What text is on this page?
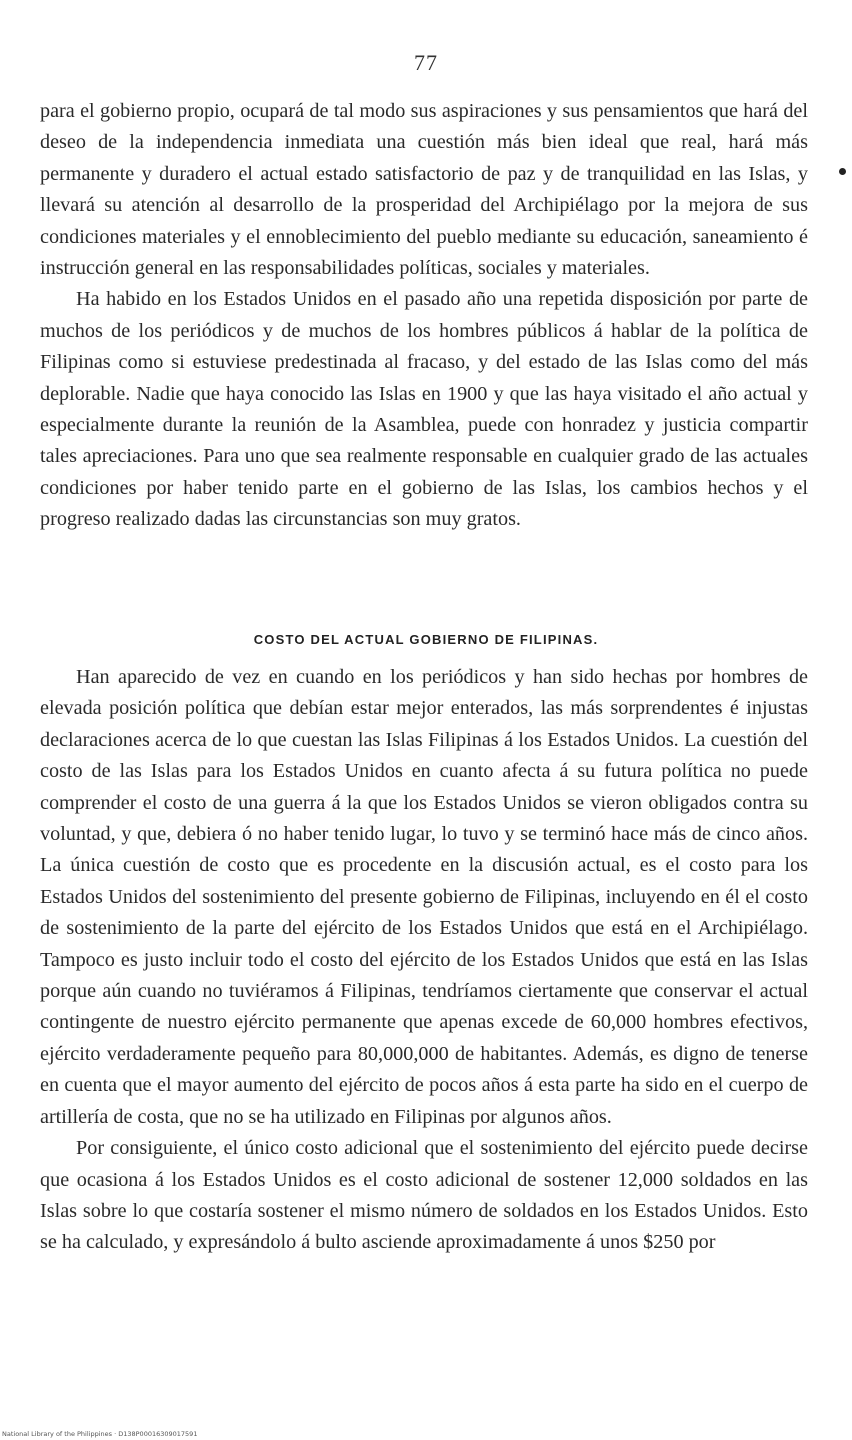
77

para el gobierno propio, ocupará de tal modo sus aspiraciones y sus pensamientos que hará del deseo de la independencia inmediata una cuestión más bien ideal que real, hará más permanente y duradero el actual estado satisfactorio de paz y de tranquilidad en las Islas, y llevará su atención al desarrollo de la prosperidad del Archipiélago por la mejora de sus condiciones materiales y el ennoblecimiento del pueblo mediante su educación, saneamiento é instrucción general en las responsabilidades políticas, sociales y materiales.

Ha habido en los Estados Unidos en el pasado año una repetida disposición por parte de muchos de los periódicos y de muchos de los hombres públicos á hablar de la política de Filipinas como si estuviese predestinada al fracaso, y del estado de las Islas como del más deplorable. Nadie que haya conocido las Islas en 1900 y que las haya visitado el año actual y especialmente durante la reunión de la Asamblea, puede con honradez y justicia compartir tales apreciaciones. Para uno que sea realmente responsable en cualquier grado de las actuales condiciones por haber tenido parte en el gobierno de las Islas, los cambios hechos y el progreso realizado dadas las circunstancias son muy gratos.

COSTO DEL ACTUAL GOBIERNO DE FILIPINAS.

Han aparecido de vez en cuando en los periódicos y han sido hechas por hombres de elevada posición política que debían estar mejor enterados, las más sorprendentes é injustas declaraciones acerca de lo que cuestan las Islas Filipinas á los Estados Unidos. La cuestión del costo de las Islas para los Estados Unidos en cuanto afecta á su futura política no puede comprender el costo de una guerra á la que los Estados Unidos se vieron obligados contra su voluntad, y que, debiera ó no haber tenido lugar, lo tuvo y se terminó hace más de cinco años. La única cuestión de costo que es procedente en la discusión actual, es el costo para los Estados Unidos del sostenimiento del presente gobierno de Filipinas, incluyendo en él el costo de sostenimiento de la parte del ejército de los Estados Unidos que está en el Archipiélago. Tampoco es justo incluir todo el costo del ejército de los Estados Unidos que está en las Islas porque aún cuando no tuviéramos á Filipinas, tendríamos ciertamente que conservar el actual contingente de nuestro ejército permanente que apenas excede de 60,000 hombres efectivos, ejército verdaderamente pequeño para 80,000,000 de habitantes. Además, es digno de tenerse en cuenta que el mayor aumento del ejército de pocos años á esta parte ha sido en el cuerpo de artillería de costa, que no se ha utilizado en Filipinas por algunos años.

Por consiguiente, el único costo adicional que el sostenimiento del ejército puede decirse que ocasiona á los Estados Unidos es el costo adicional de sostener 12,000 soldados en las Islas sobre lo que costaría sostener el mismo número de soldados en los Estados Unidos. Esto se ha calculado, y expresándolo á bulto asciende aproximadamente á unos $250 por

National Library of the Philippines · D138P00016309017591
